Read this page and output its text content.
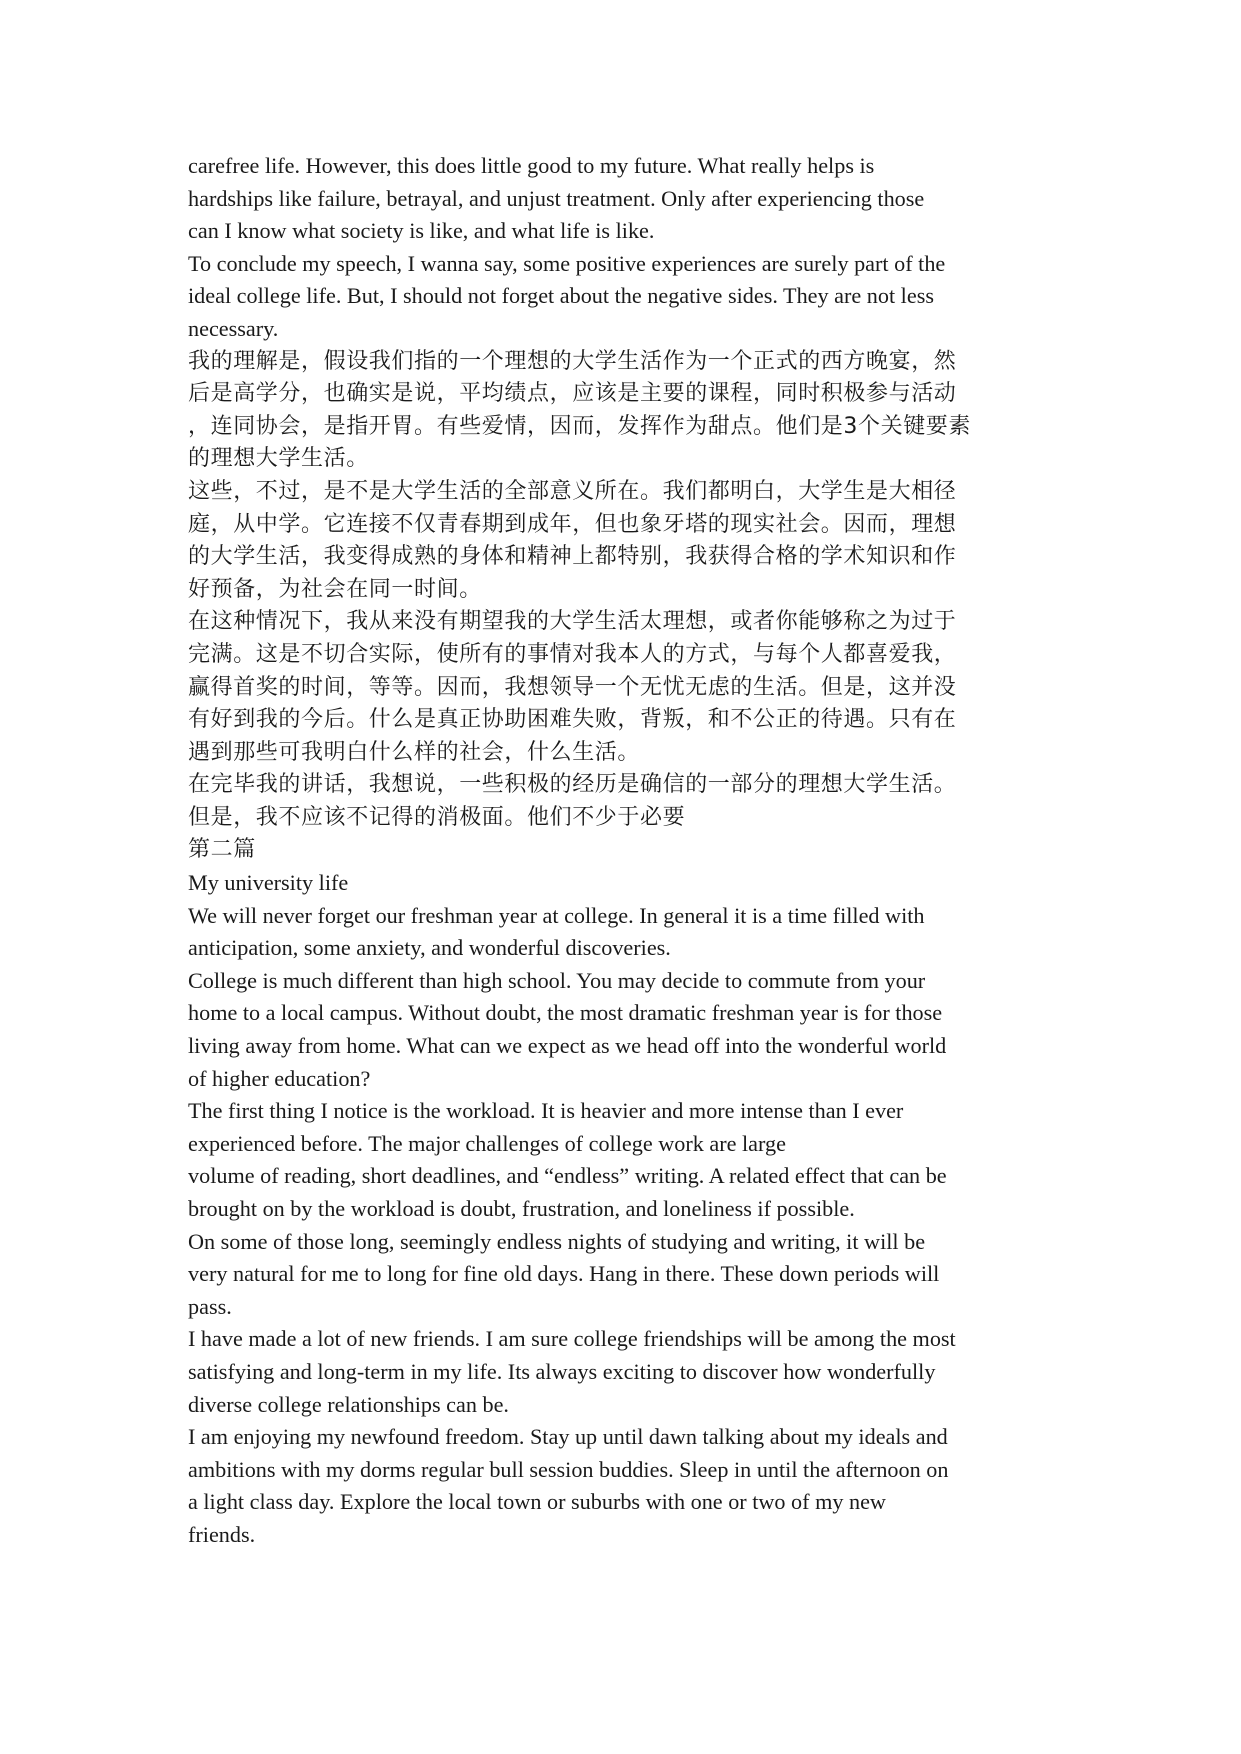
carefree life. However, this does little good to my future. What really helps is
hardships like failure, betrayal, and unjust treatment. Only after experiencing those
can I know what society is like, and what life is like.
To conclude my speech, I wanna say, some positive experiences are surely part of the
ideal college life. But, I should not forget about the negative sides. They are not less
necessary.
我的理解是，假设我们指的一个理想的大学生活作为一个正式的西方晚宴，然
后是高学分，也确实是说，平均绩点，应该是主要的课程，同时积极参与活动
，连同协会，是指开胃。有些爱情，因而，发挥作为甜点。他们是3个关键要素
的理想大学生活。
这些，不过，是不是大学生活的全部意义所在。我们都明白，大学生是大相径
庭，从中学。它连接不仅青春期到成年，但也象牙塔的现实社会。因而，理想
的大学生活，我变得成熟的身体和精神上都特别，我获得合格的学术知识和作
好预备，为社会在同一时间。
在这种情况下，我从来没有期望我的大学生活太理想，或者你能够称之为过于
完满。这是不切合实际，使所有的事情对我本人的方式，与每个人都喜爱我，
赢得首奖的时间，等等。因而，我想领导一个无忧无虑的生活。但是，这并没
有好到我的今后。什么是真正协助困难失败，背叛，和不公正的待遇。只有在
遇到那些可我明白什么样的社会，什么生活。
在完毕我的讲话，我想说，一些积极的经历是确信的一部分的理想大学生活。
但是，我不应该不记得的消极面。他们不少于必要
第二篇
My university life
We will never forget our freshman year at college. In general it is a time filled with
anticipation, some anxiety, and wonderful discoveries.
College is much different than high school. You may decide to commute from your
home to a local campus. Without doubt, the most dramatic freshman year is for those
living away from home. What can we expect as we head off into the wonderful world
of higher education?
The first thing I notice is the workload. It is heavier and more intense than I ever
experienced before. The major challenges of college work are large
volume of reading, short deadlines, and “endless” writing. A related effect that can be
brought on by the workload is doubt, frustration, and loneliness if possible.
On some of those long, seemingly endless nights of studying and writing, it will be
very natural for me to long for fine old days. Hang in there. These down periods will
pass.
I have made a lot of new friends. I am sure college friendships will be among the most
satisfying and long-term in my life. Its always exciting to discover how wonderfully
diverse college relationships can be.
I am enjoying my newfound freedom. Stay up until dawn talking about my ideals and
ambitions with my dorms regular bull session buddies. Sleep in until the afternoon on
a light class day. Explore the local town or suburbs with one or two of my new
friends.
